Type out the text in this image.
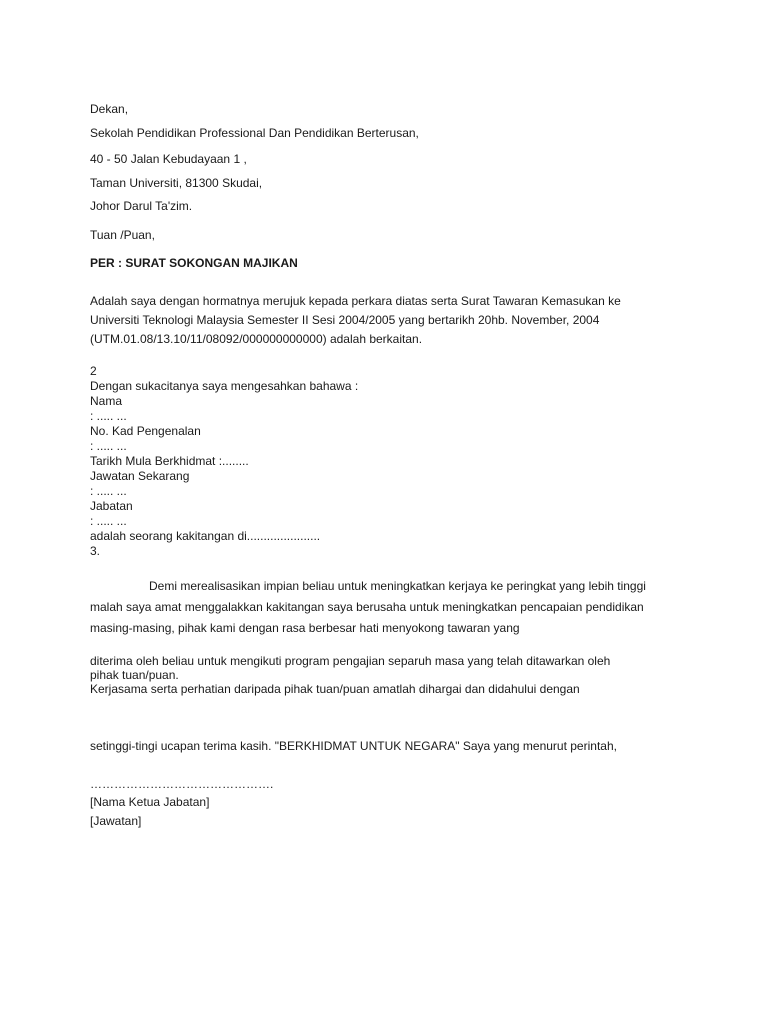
Dekan,
Sekolah Pendidikan Professional Dan Pendidikan Berterusan,
40 - 50 Jalan Kebudayaan 1 ,
Taman Universiti, 81300 Skudai,
Johor Darul Ta'zim.
Tuan /Puan,
PER : SURAT SOKONGAN MAJIKAN
Adalah saya dengan hormatnya merujuk kepada perkara diatas serta Surat Tawaran Kemasukan ke
Universiti Teknologi Malaysia Semester II Sesi 2004/2005 yang bertarikh 20hb. November, 2004
(UTM.01.08/13.10/11/08092/000000000000) adalah berkaitan.
2
Dengan sukacitanya saya mengesahkan bahawa :
Nama
: ..... ...
No. Kad Pengenalan
: ..... ...
Tarikh Mula Berkhidmat :........
Jawatan Sekarang
: ..... ...
Jabatan
: ..... ...
adalah seorang kakitangan di......................
3.
Demi merealisasikan impian beliau untuk meningkatkan kerjaya ke peringkat yang lebih tinggi
malah saya amat menggalakkan kakitangan saya berusaha untuk meningkatkan pencapaian pendidikan
masing-masing, pihak kami dengan rasa berbesar hati menyokong tawaran yang
diterima oleh beliau untuk mengikuti program pengajian separuh masa yang telah ditawarkan oleh
pihak tuan/puan.
Kerjasama serta perhatian daripada pihak tuan/puan amatlah dihargai dan didahului dengan
setinggi-tingi ucapan terima kasih. "BERKHIDMAT UNTUK NEGARA" Saya yang menurut perintah,
……………………………………….
[Nama Ketua Jabatan]
[Jawatan]
